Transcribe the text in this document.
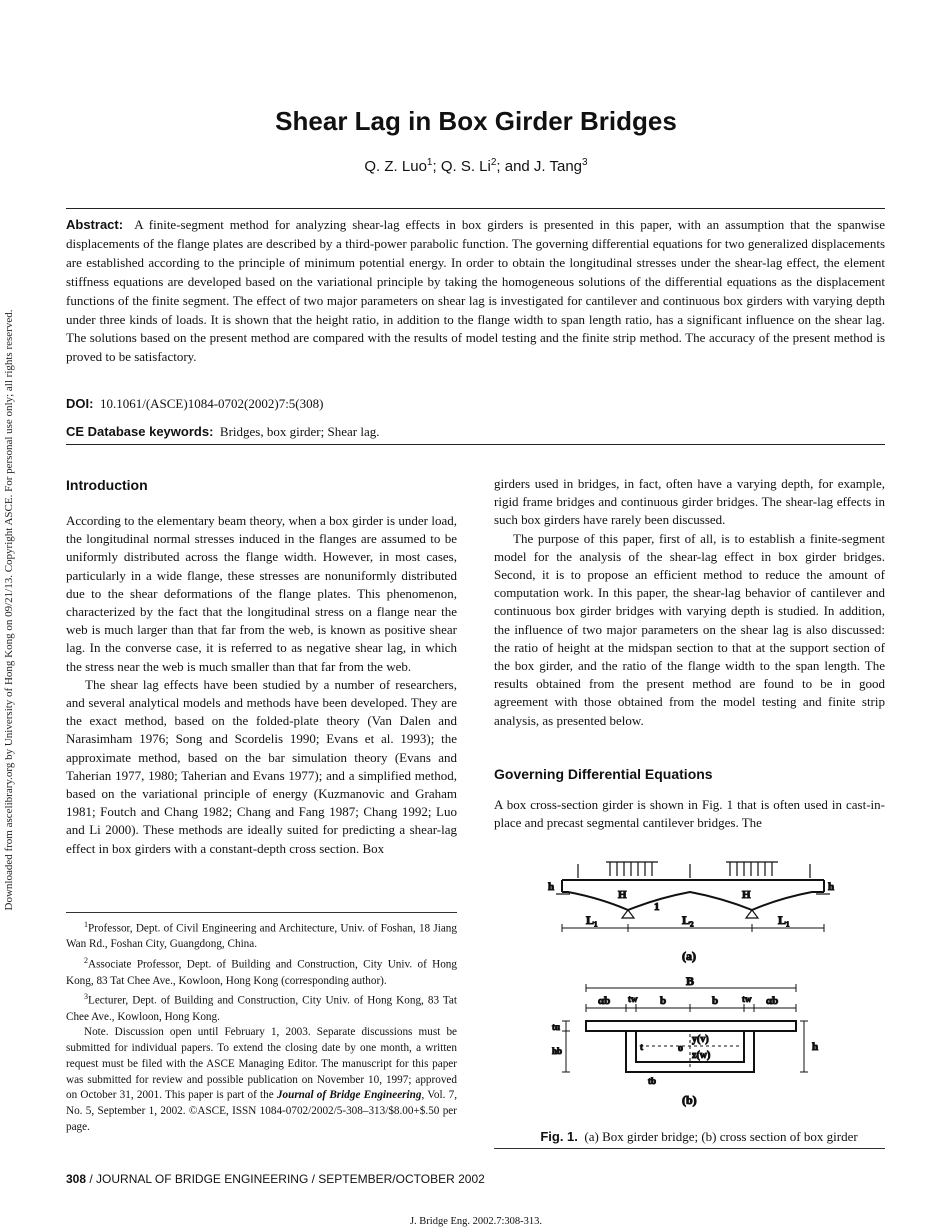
Downloaded from ascelibrary.org by University of Hong Kong on 09/21/13. Copyright ASCE. For personal use only; all rights reserved.
Shear Lag in Box Girder Bridges
Q. Z. Luo$^1$; Q. S. Li$^2$; and J. Tang$^3$
Abstract: A finite-segment method for analyzing shear-lag effects in box girders is presented in this paper, with an assumption that the spanwise displacements of the flange plates are described by a third-power parabolic function. The governing differential equations for two generalized displacements are established according to the principle of minimum potential energy. In order to obtain the longitudinal stresses under the shear-lag effect, the element stiffness equations are developed based on the variational principle by taking the homogeneous solutions of the differential equations as the displacement functions of the finite segment. The effect of two major parameters on shear lag is investigated for cantilever and continuous box girders with varying depth under three kinds of loads. It is shown that the height ratio, in addition to the flange width to span length ratio, has a significant influence on the shear lag. The solutions based on the present method are compared with the results of model testing and the finite strip method. The accuracy of the present method is proved to be satisfactory.
DOI: 10.1061/(ASCE)1084-0702(2002)7:5(308)
CE Database keywords: Bridges, box girder; Shear lag.
Introduction

According to the elementary beam theory, when a box girder is under load, the longitudinal normal stresses induced in the flanges are assumed to be uniformly distributed across the flange width. However, in most cases, particularly in a wide flange, these stresses are nonuniformly distributed due to the shear deformations of the flange plates. This phenomenon, characterized by the fact that the longitudinal stress on a flange near the web is much larger than that far from the web, is known as positive shear lag. In the converse case, it is referred to as negative shear lag, in which the stress near the web is much smaller than that far from the web.

The shear lag effects have been studied by a number of researchers, and several analytical models and methods have been developed. They are the exact method, based on the folded-plate theory (Van Dalen and Narasimham 1976; Song and Scordelis 1990; Evans et al. 1993); the approximate method, based on the bar simulation theory (Evans and Taherian 1977, 1980; Taherian and Evans 1977); and a simplified method, based on the variational principle of energy (Kuzmanovic and Graham 1981; Foutch and Chang 1982; Chang and Fang 1987; Chang 1992; Luo and Li 2000). These methods are ideally suited for predicting a shear-lag effect in box girders with a constant-depth cross section. Box

$^1$Professor, Dept. of Civil Engineering and Architecture, Univ. of Foshan, 18 Jiang Wan Rd., Foshan City, Guangdong, China.

$^2$Associate Professor, Dept. of Building and Construction, City Univ. of Hong Kong, 83 Tat Chee Ave., Kowloon, Hong Kong (corresponding author).

$^3$Lecturer, Dept. of Building and Construction, City Univ. of Hong Kong, 83 Tat Chee Ave., Kowloon, Hong Kong.

Note. Discussion open until February 1, 2003. Separate discussions must be submitted for individual papers. To extend the closing date by one month, a written request must be filed with the ASCE Managing Editor. The manuscript for this paper was submitted for review and possible publication on November 10, 1997; approved on October 31, 2001. This paper is part of the Journal of Bridge Engineering, Vol. 7, No. 5, September 1, 2002. ©ASCE, ISSN 1084-0702/2002/5-308–313/$8.00+$.50 per page.

girders used in bridges, in fact, often have a varying depth, for example, rigid frame bridges and continuous girder bridges. The shear-lag effects in such box girders have rarely been discussed.

The purpose of this paper, first of all, is to establish a finite-segment model for the analysis of the shear-lag effect in box girder bridges. Second, it is to propose an efficient method to reduce the amount of computation work. In this paper, the shear-lag behavior of cantilever and continuous box girder bridges with varying depth is studied. In addition, the influence of two major parameters on the shear lag is also discussed: the ratio of height at the midspan section to that at the support section of the box girder, and the ratio of the flange width to the span length. The results obtained from the present method are found to be in good agreement with those obtained from the model testing and finite strip analysis, as presented below.

Governing Differential Equations

A box cross-section girder is shown in Fig. 1 that is often used in cast-in-place and precast segmental cantilever bridges. The

h
H	H
h
1
L₁	L₂	L₁
(a)
B
αb tw b	b	tw αb
tu
hb	h
y(v)
o
z(w)
tb
t
(b)
Fig. 1. (a) Box girder bridge; (b) cross section of box girder
308 / JOURNAL OF BRIDGE ENGINEERING / SEPTEMBER/OCTOBER 2002
J. Bridge Eng. 2002.7:308-313.
